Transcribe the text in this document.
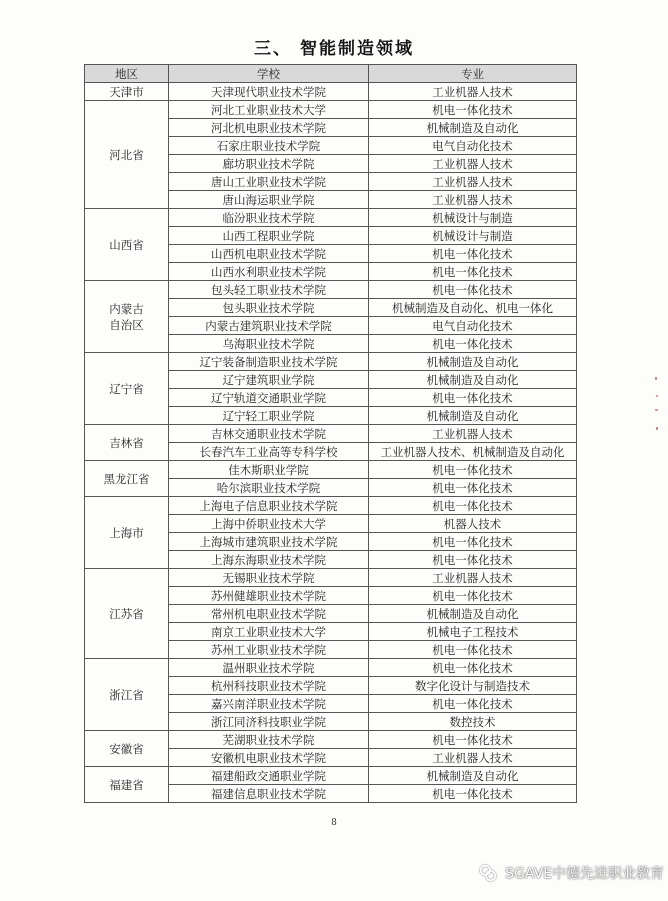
三、 智能制造领域
地区	学校	专业
天津市	天津现代职业技术学院	工业机器人技术
河北省	河北工业职业技术大学	机电一体化技术
	河北机电职业技术学院	机械制造及自动化
	石家庄职业技术学院	电气自动化技术
	廊坊职业技术学院	工业机器人技术
	唐山工业职业技术学院	工业机器人技术
	唐山海运职业学院	工业机器人技术
山西省	临汾职业技术学院	机械设计与制造
	山西工程职业学院	机械设计与制造
	山西机电职业技术学院	机电一体化技术
	山西水利职业技术学院	机电一体化技术
内蒙古
自治区	包头轻工职业技术学院	机电一体化技术
	包头职业技术学院	机械制造及自动化、机电一体化
	内蒙古建筑职业技术学院	电气自动化技术
	乌海职业技术学院	机电一体化技术
辽宁省	辽宁装备制造职业技术学院	机械制造及自动化
	辽宁建筑职业学院	机械制造及自动化
	辽宁轨道交通职业学院	机电一体化技术
	辽宁轻工职业学院	机械制造及自动化
吉林省	吉林交通职业技术学院	工业机器人技术
	长春汽车工业高等专科学校	工业机器人技术、机械制造及自动化
黑龙江省	佳木斯职业学院	机电一体化技术
	哈尔滨职业技术学院	机电一体化技术
上海市	上海电子信息职业技术学院	机电一体化技术
	上海中侨职业技术大学	机器人技术
	上海城市建筑职业技术学院	机电一体化技术
	上海东海职业技术学院	机电一体化技术
江苏省	无锡职业技术学院	工业机器人技术
	苏州健雄职业技术学院	机电一体化技术
	常州机电职业技术学院	机械制造及自动化
	南京工业职业技术大学	机械电子工程技术
	苏州工业职业技术学院	机电一体化技术
浙江省	温州职业技术学院	机电一体化技术
	杭州科技职业技术学院	数字化设计与制造技术
	嘉兴南洋职业技术学院	机电一体化技术
	浙江同济科技职业学院	数控技术
安徽省	芜湖职业技术学院	机电一体化技术
	安徽机电职业技术学院	工业机器人技术
福建省	福建船政交通职业学院	机械制造及自动化
	福建信息职业技术学院	机电一体化技术
8
SGAVE中德先进职业教育
